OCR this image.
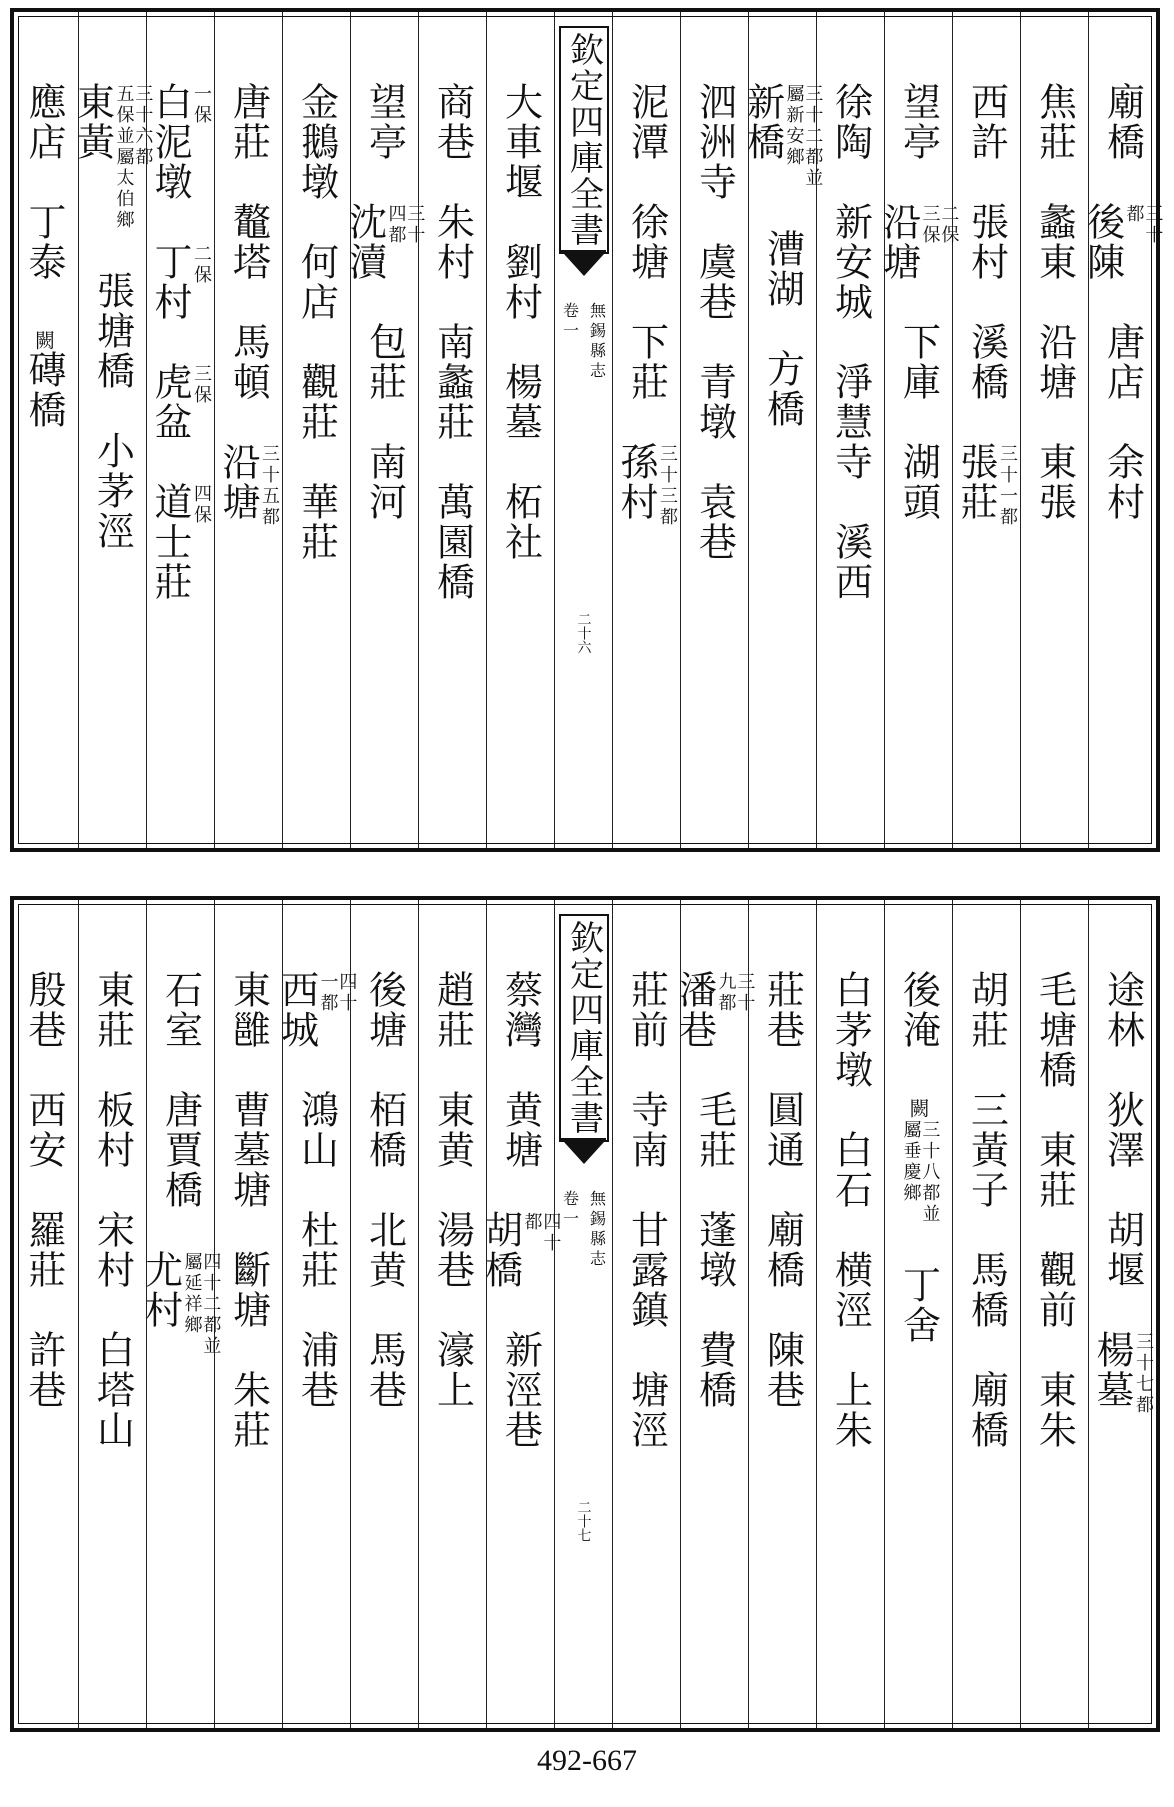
廟橋
後陳 三十
都
唐店
余村
焦莊
蠡東
沿塘
東張
西許
張村
溪橋
張莊
三十一都
望亭
沿塘 二保
三保
下庫
湖頭
徐陶
新安城
淨慧寺
溪西
新橋 三十二都並
屬新安鄉
漕湖
方橋
泗洲寺
虞巷
青墩
袁巷
泥潭
徐塘
下莊
孫村
三十三都
欽定四庫全書
無錫縣志
卷一
二十六
大車堰
劉村
楊墓
柘社
商巷
朱村
南蠡莊
萬園橋
望亭
沈瀆 三十
四都
包莊
南河
金鵝墩
何店
觀莊
華莊
唐莊
鼇塔
馬頓
沿塘
三十五都
白泥墩
一保
丁村
二保
虎盆
三保
道士莊
四保
東黃 三十六都
五保並屬太伯鄉
張塘橋
小茅涇
應店
丁泰
闕
磚橋
途林
狄澤
胡堰
楊墓
三十七都
毛塘橋
東莊
觀前
東朱
胡莊
三黃子
馬橋
廟橋
後淹
闕
三十八都並
屬垂慶鄉
丁舍
白茅墩
白石
横涇
上朱
莊巷
圓通
廟橋
陳巷
潘巷 三十
九都
毛莊
蓬墩
費橋
莊前
寺南
甘露鎮
塘涇
欽定四庫全書
無錫縣志
卷一
二十七
蔡灣
黄塘
胡橋 四十
都
新涇巷
趙莊
東黄
湯巷
濠上
後塘
栢橋
北黄
馬巷
西城 四十
一都
鴻山
杜莊
浦巷
東雝
曹墓塘
斷塘
朱莊
石室
唐賈橋
尤村 四十二都並
屬延祥鄉
東莊
板村
宋村
白塔山
殷巷
西安
羅莊
許巷
492-667
